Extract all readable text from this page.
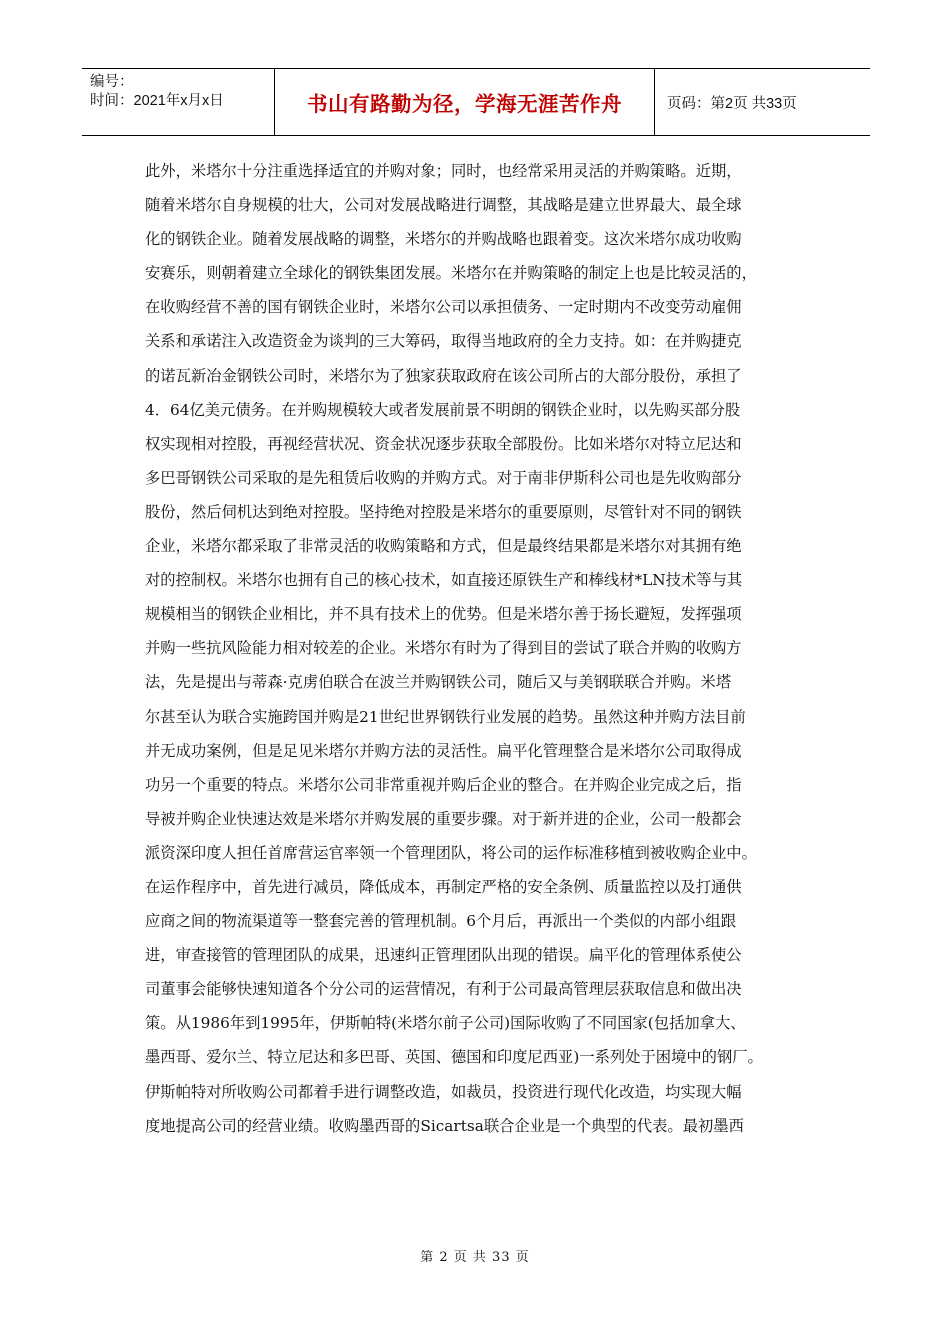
编号：
时间：2021年x月x日	书山有路勤为径，学海无涯苦作舟	页码：第2页 共33页
此外，米塔尔十分注重选择适宜的并购对象；同时，也经常采用灵活的并购策略。近期，
随着米塔尔自身规模的壮大，公司对发展战略进行调整，其战略是建立世界最大、最全球
化的钢铁企业。随着发展战略的调整，米塔尔的并购战略也跟着变。这次米塔尔成功收购
安赛乐，则朝着建立全球化的钢铁集团发展。米塔尔在并购策略的制定上也是比较灵活的，
在收购经营不善的国有钢铁企业时，米塔尔公司以承担债务、一定时期内不改变劳动雇佣
关系和承诺注入改造资金为谈判的三大筹码，取得当地政府的全力支持。如：在并购捷克
的诺瓦新冶金钢铁公司时，米塔尔为了独家获取政府在该公司所占的大部分股份，承担了
4．64亿美元债务。在并购规模较大或者发展前景不明朗的钢铁企业时，以先购买部分股
权实现相对控股，再视经营状况、资金状况逐步获取全部股份。比如米塔尔对特立尼达和
多巴哥钢铁公司采取的是先租赁后收购的并购方式。对于南非伊斯科公司也是先收购部分
股份，然后伺机达到绝对控股。坚持绝对控股是米塔尔的重要原则，尽管针对不同的钢铁
企业，米塔尔都采取了非常灵活的收购策略和方式，但是最终结果都是米塔尔对其拥有绝
对的控制权。米塔尔也拥有自己的核心技术，如直接还原铁生产和棒线材*LN技术等与其
规模相当的钢铁企业相比，并不具有技术上的优势。但是米塔尔善于扬长避短，发挥强项
并购一些抗风险能力相对较差的企业。米塔尔有时为了得到目的尝试了联合并购的收购方
法，先是提出与蒂森·克虏伯联合在波兰并购钢铁公司，随后又与美钢联联合并购。米塔
尔甚至认为联合实施跨国并购是21世纪世界钢铁行业发展的趋势。虽然这种并购方法目前
并无成功案例，但是足见米塔尔并购方法的灵活性。扁平化管理整合是米塔尔公司取得成
功另一个重要的特点。米塔尔公司非常重视并购后企业的整合。在并购企业完成之后，指
导被并购企业快速达效是米塔尔并购发展的重要步骤。对于新并进的企业，公司一般都会
派资深印度人担任首席营运官率领一个管理团队，将公司的运作标准移植到被收购企业中。
在运作程序中，首先进行减员，降低成本，再制定严格的安全条例、质量监控以及打通供
应商之间的物流渠道等一整套完善的管理机制。6个月后，再派出一个类似的内部小组跟
进，审查接管的管理团队的成果，迅速纠正管理团队出现的错误。扁平化的管理体系使公
司董事会能够快速知道各个分公司的运营情况，有利于公司最高管理层获取信息和做出决
策。从1986年到1995年，伊斯帕特(米塔尔前子公司)国际收购了不同国家(包括加拿大、
墨西哥、爱尔兰、特立尼达和多巴哥、英国、德国和印度尼西亚)一系列处于困境中的钢厂。
伊斯帕特对所收购公司都着手进行调整改造，如裁员，投资进行现代化改造，均实现大幅
度地提高公司的经营业绩。收购墨西哥的Sicartsa联合企业是一个典型的代表。最初墨西
第 2 页 共 33 页
